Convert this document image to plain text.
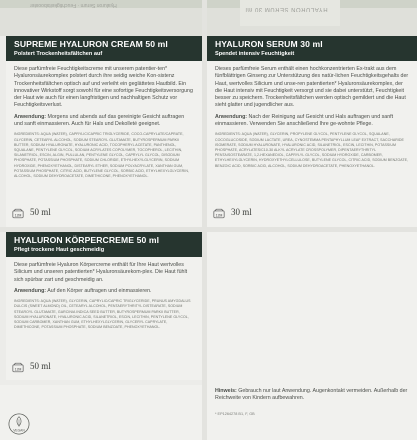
HYALURON SERUM 30 ml
Hyaluron Serum · Feuchtigkeitsbooster
SUPREME HYALURON CREAM 50 ml
Polstert Trockenheitsfältchen auf

Diese parfümfreie Feuchtigkeitscreme mit unserem patentier-ten* Hyaluronsäurekomplex polstert durch ihre seidig weiche Kon-sistenz Trockenheitsfältchen optisch auf und verleiht ein geglättetes Hautbild. Ein innovativer Wirkstoff sorgt sowohl für eine sofortige Feuchtigkeitsversorgung der Haut wie auch für einen langfristigen und nachhaltigen Schutz vor Feuchtigkeitsverlust.

Anwendung: Morgens und abends auf das gereinigte Gesicht auftragen und sanft einmassieren. Auch für Hals und Dekolleté geeignet.

INGREDIENTS: AQUA (WATER), CAPRYLIC/CAPRIC TRIGLYCERIDE, COCO-CAPRYLATE/CAPRATE, GLYCERIN, CETEARYL ALCOHOL, SODIUM STEAROYL GLUTAMATE, BUTYROSPERMUM PARKII BUTTER, SODIUM HYALURONATE, HYALURONIC ACID, TOCOPHERYL ACETATE, PANTHENOL, SQUALANE, PENTYLENE GLYCOL, SODIUM ACRYLATES COPOLYMER, TOCOPHEROL, LECITHIN, SILANETRIOL, ESCIN, ALGIN, PULLULAN, PENTYLENE GLYCOL, CAPRYLYL GLYCOL, DISODIUM PHOSPHATE, POTASSIUM PHOSPHATE, SODIUM CHLORIDE, ETHYLHEXYLGLYCERIN, SODIUM HYDROXIDE, PHENOXYETHANOL, DISTEARYL ETHER, SODIUM POLYACRYLATE, XANTHAN GUM, POTASSIUM PHOSPHATE, CITRIC ACID, BUTYLENE GLYCOL, SORBIC ACID, ETHYLHEXYLGLYCERIN, ALCOHOL, SODIUM DEHYDROACETATE, DIMETHICONE, PHENOXYETHANOL.

12M 50 ml
HYALURON SERUM 30 ml
Spendet intensiv Feuchtigkeit

Dieses parfümfreie Serum enthält einen hochkonzentrierten Ex-trakt aus dem fünfblättrigen Ginseng zur Unterstützung des natür-lichen Feuchtigkeitsgehalts der Haut, wertvolles Silicium und unse-ren patentierten* Hyaluronsäurekomplex, der die Haut intensiv mit Feuchtigkeit versorgt und sie dabei unterstützt, Feuchtigkeit besser zu speichern. Trockenheitsfältchen werden optisch gemildert und die Haut sieht glatter und jugendlicher aus.

Anwendung: Nach der Reinigung auf Gesicht und Hals auftragen und sanft einmassieren. Verwenden Sie anschließend Ihre ge-wohnte Pflege.

INGREDIENTS: AQUA (WATER), GLYCERIN, PROPYLENE GLYCOL, PENTYLENE GLYCOL, SQUALANE, COCOGLUCOSIDE, SODIUM LACTATE, UREA, CYNOSTEMMA PENTAPHYLLUM LEAF EXTRACT, SACCHARIDE ISOMERATE, SODIUM HYALURONATE, HYALURONIC ACID, SILANETRIOL, ESCIN, LECITHIN, POTASSIUM PHOSPHATE, ACRYLATES/C10-30 ALKYL ACRYLATE CROSSPOLYMER, DIPENTAERYTHRITYL PENTAISOSTEARATE, 1,2-HEXANEDIOL, CAPRYLYL GLYCOL, SODIUM HYDROXIDE, CARBOMER, ETHYLHEXYLGLYCERIN, HYDROXYETHYLCELLULOSE, BUTYLENE GLYCOL, CITRIC ACID, SODIUM BENZOATE, BENZOIC ACID, SORBIC ACID, ALCOHOL, SODIUM DEHYDROACETATE, PHENOXYETHANOL.

12M 30 ml
HYALURON KÖRPERCREME 50 ml
Pflegt trockene Haut geschmeidig

Diese parfümfreie Hyaluron Körpercreme enthält für Ihre Haut wertvolles Silicium und unseren patentierten* Hyaluronsäurekom-plex. Die Haut fühlt sich spürbar zart und geschmeidig an.

Anwendung: Auf den Körper auftragen und einmassieren.

INGREDIENTS: AQUA (WATER), GLYCERIN, CAPRYLIC/CAPRIC TRIGLYCERIDE, PRUNUS AMYGDALUS DULCIS (SWEET ALMOND) OIL, CETEARYL ALCOHOL, PENTAERYTHRITYL DISTEARATE, SODIUM STEAROYL GLUTAMATE, GARCINIA INDICA SEED BUTTER, BUTYROSPERMUM PARKII BUTTER, SODIUM HYALURONATE, HYALURONIC ACID, SILANETRIOL, ESCIN, LECITHIN, PENTYLENE GLYCOL, SODIUM CARBOMER, XANTHAN GUM, ETHYLHEXYLGLYCERIN, GLYCERYL CAPRYLATE, DIMETHICONE, POTASSIUM PHOSPHATE, SODIUM BENZOATE, PHENOXYETHANOL.

12M 50 ml
Hinweis: Gebrauch nur laut Anwendung. Augenkontakt vermeiden. Außerhalb der Reichweite von Kindern aufbewahren.
* EP1264278 B1, F, GB
VEGAN
